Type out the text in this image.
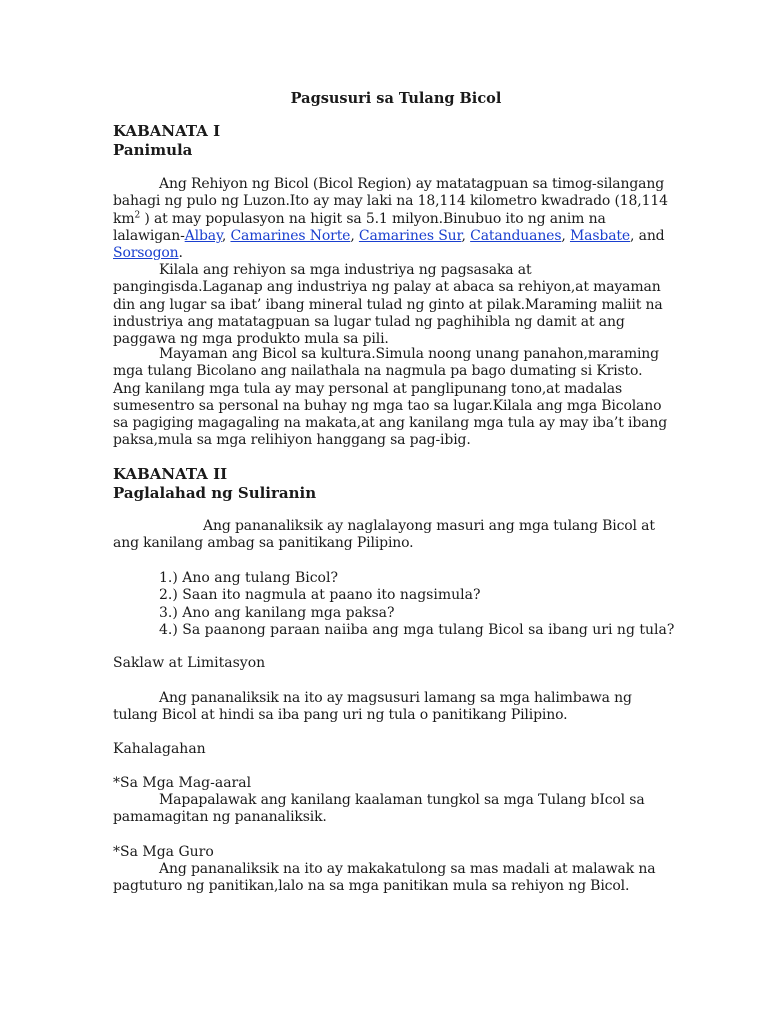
Pagsusuri sa Tulang Bicol
KABANATA I
Panimula
Ang Rehiyon ng Bicol (Bicol Region) ay matatagpuan sa timog-silangang bahagi ng pulo ng Luzon.Ito ay may laki na 18,114 kilometro kwadrado (18,114 $km^2$ ) at may populasyon na higit sa 5.1 milyon.Binubuo ito ng anim na lalawigan-Albay, Camarines Norte, Camarines Sur, Catanduanes, Masbate, and Sorsogon.
Kilala ang rehiyon sa mga industriya ng pagsasaka at pangingisda.Laganap ang industriya ng palay at abaca sa rehiyon,at mayaman din ang lugar sa ibat’ ibang mineral tulad ng ginto at pilak.Maraming maliit na industriya ang matatagpuan sa lugar tulad ng paghihibla ng damit at ang paggawa ng mga produkto mula sa pili.
Mayaman ang Bicol sa kultura.Simula noong unang panahon,maraming mga tulang Bicolano ang nailathala na nagmula pa bago dumating si Kristo. Ang kanilang mga tula ay may personal at panglipunang tono,at madalas sumesentro sa personal na buhay ng mga tao sa lugar.Kilala ang mga Bicolano sa pagiging magagaling na makata,at ang kanilang mga tula ay may iba’t ibang paksa,mula sa mga relihiyon hanggang sa pag-ibig.
KABANATA II
Paglalahad ng Suliranin
Ang pananaliksik ay naglalayong masuri ang mga tulang Bicol at ang kanilang ambag sa panitikang Pilipino.
1.) Ano ang tulang Bicol?
2.) Saan ito nagmula at paano ito nagsimula?
3.) Ano ang kanilang mga paksa?
4.) Sa paanong paraan naiiba ang mga tulang Bicol sa ibang uri ng tula?
Saklaw at Limitasyon
Ang pananaliksik na ito ay magsusuri lamang sa mga halimbawa ng tulang Bicol at hindi sa iba pang uri ng tula o panitikang Pilipino.
Kahalagahan
*Sa Mga Mag-aaral
Mapapalawak ang kanilang kaalaman tungkol sa mga Tulang bIcol sa pamamagitan ng pananaliksik.
*Sa Mga Guro
Ang pananaliksik na ito ay makakatulong sa mas madali at malawak na pagtuturo ng panitikan,lalo na sa mga panitikan mula sa rehiyon ng Bicol.
